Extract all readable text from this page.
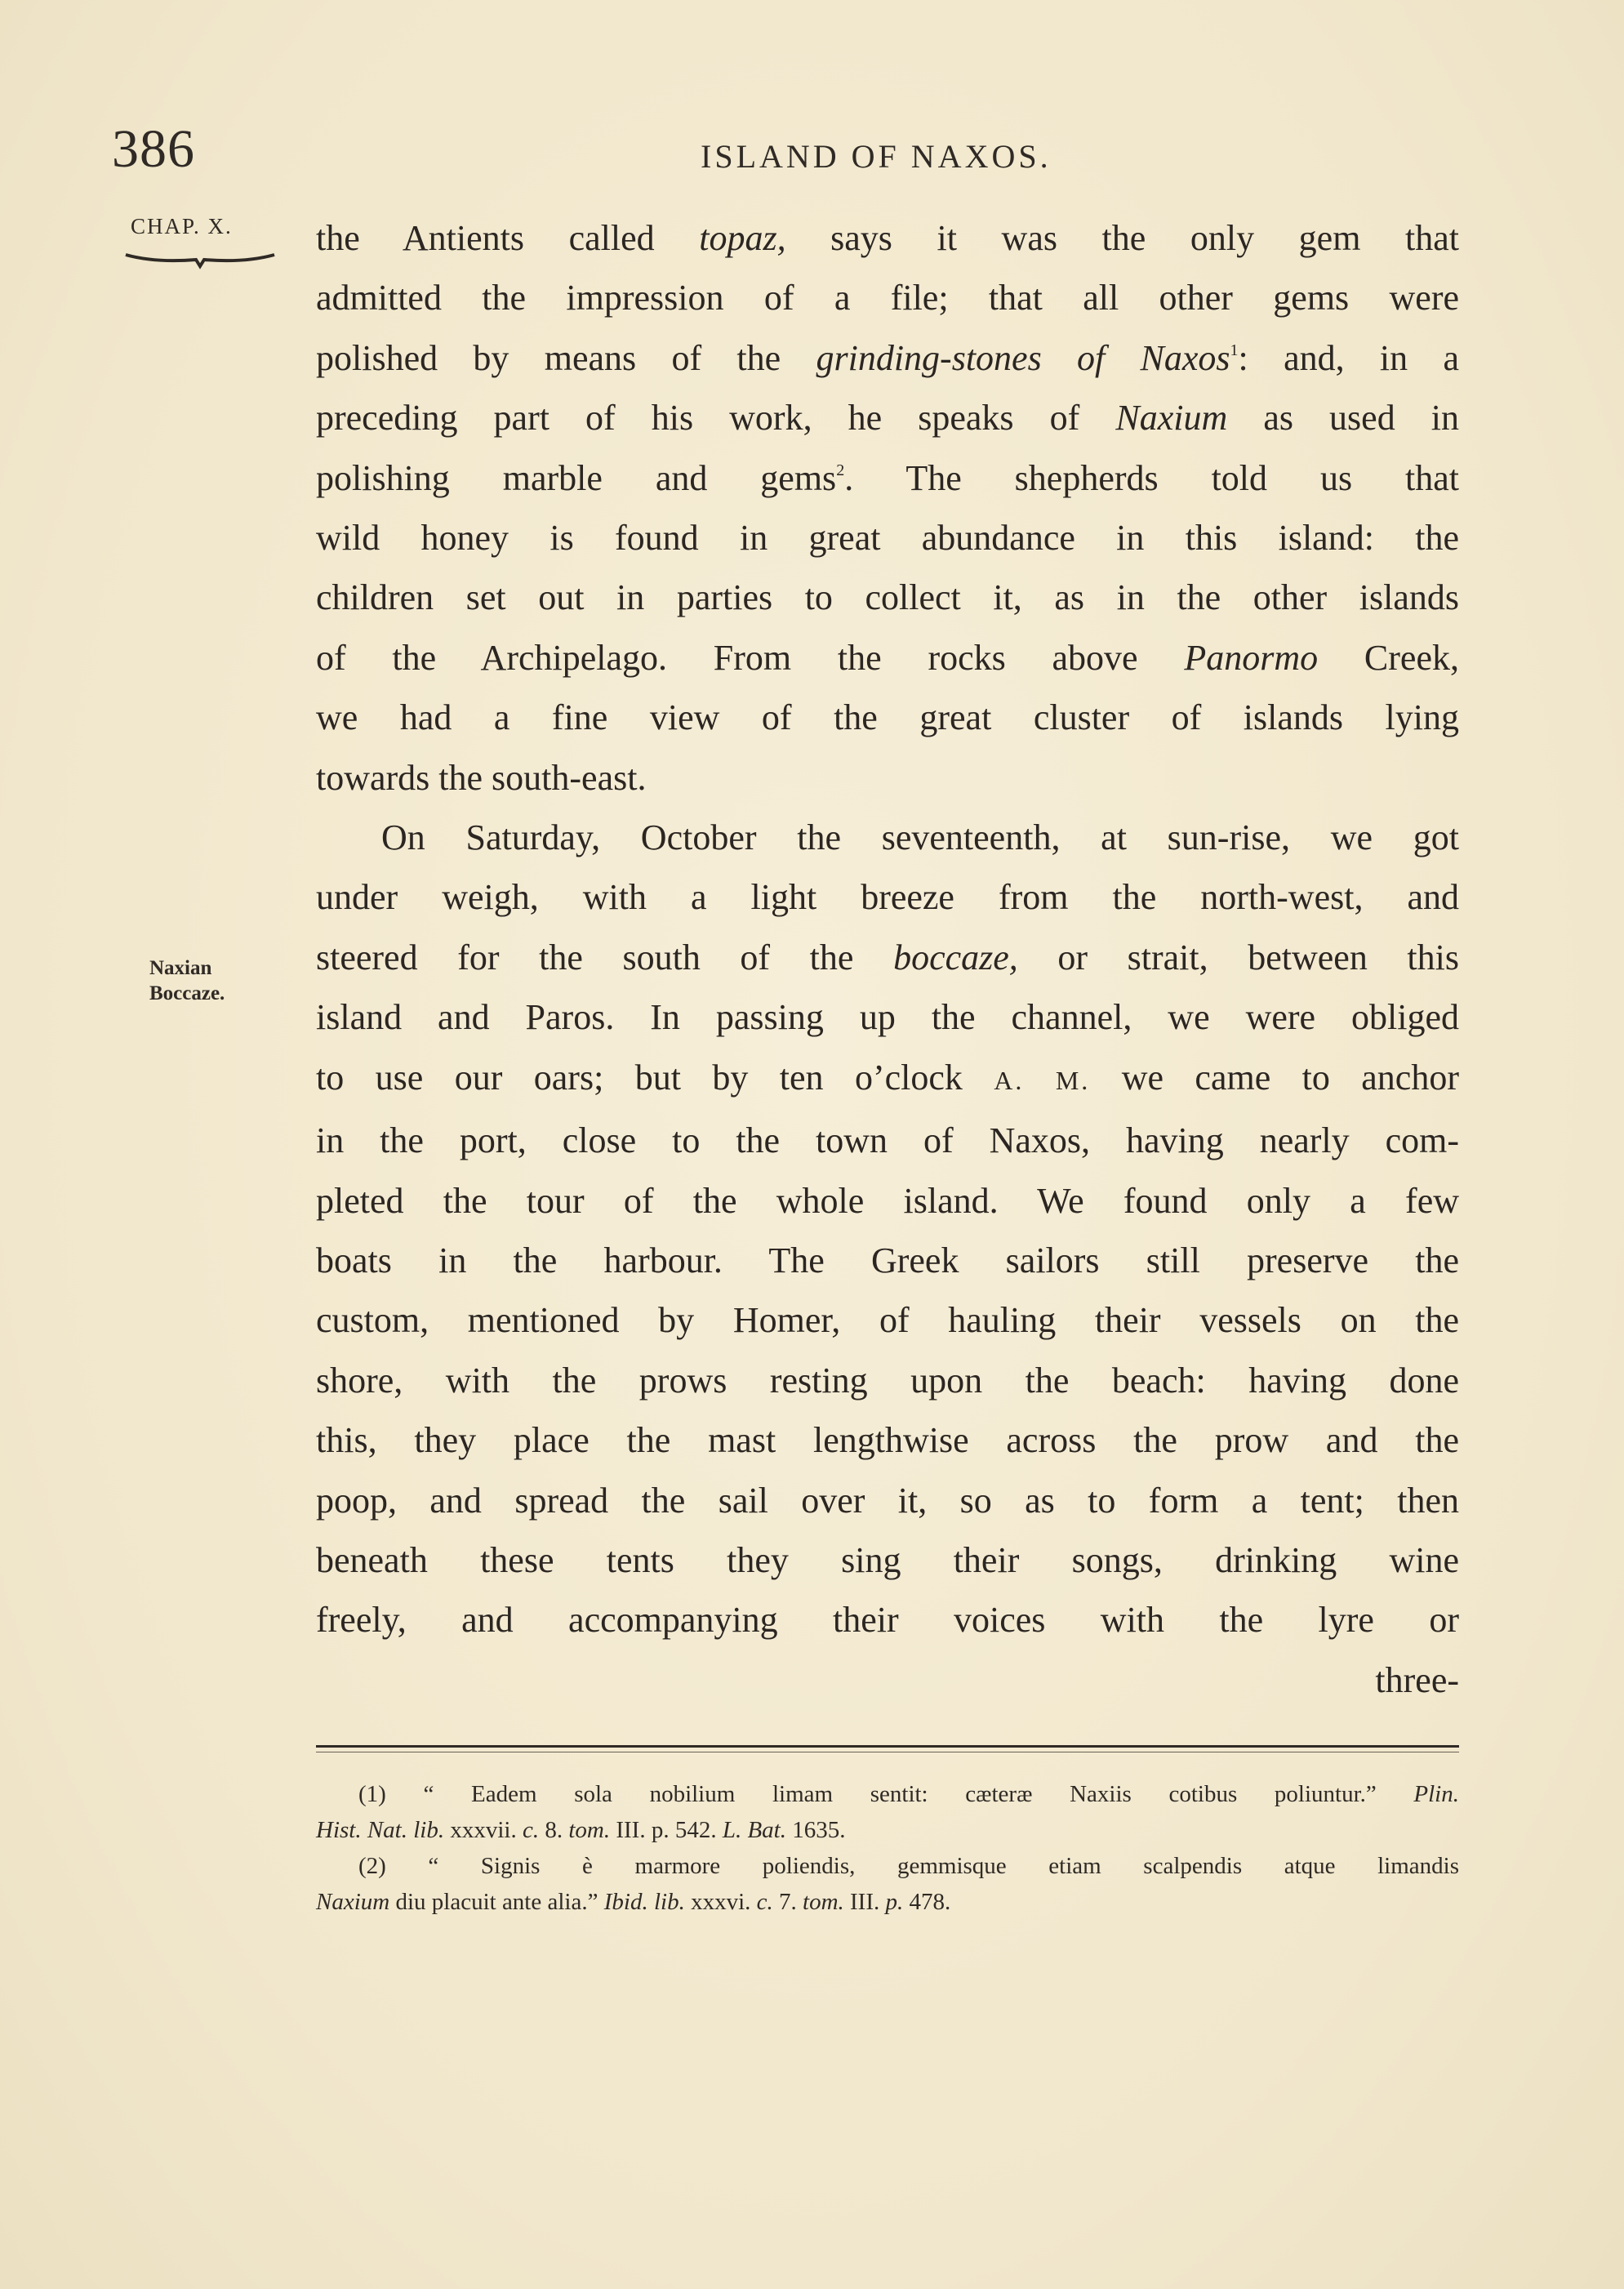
386	ISLAND OF NAXOS.
CHAP. X.
Naxian
Boccaze.
the Antients called topaz, says it was the only gem that
admitted the impression of a file; that all other gems were
polished by means of the grinding-stones of Naxos$^1$: and, in a
preceding part of his work, he speaks of Naxium as used in
polishing marble and gems$^2$. The shepherds told us that
wild honey is found in great abundance in this island: the
children set out in parties to collect it, as in the other islands
of the Archipelago. From the rocks above Panormo Creek,
we had a fine view of the great cluster of islands lying
towards the south-east.
On Saturday, October the seventeenth, at sun-rise, we got
under weigh, with a light breeze from the north-west, and
steered for the south of the boccaze, or strait, between this
island and Paros. In passing up the channel, we were obliged
to use our oars; but by ten o’clock A. M. we came to anchor
in the port, close to the town of Naxos, having nearly com-
pleted the tour of the whole island. We found only a few
boats in the harbour. The Greek sailors still preserve the
custom, mentioned by Homer, of hauling their vessels on the
shore, with the prows resting upon the beach: having done
this, they place the mast lengthwise across the prow and the
poop, and spread the sail over it, so as to form a tent; then
beneath these tents they sing their songs, drinking wine
freely, and accompanying their voices with the lyre or
three-
(1) “ Eadem sola nobilium limam sentit: cæteræ Naxiis cotibus poliuntur.” Plin.
Hist. Nat. lib. xxxvii. c. 8. tom. III. p. 542. L. Bat. 1635.
(2) “ Signis è marmore poliendis, gemmisque etiam scalpendis atque limandis
Naxium diu placuit ante alia.” Ibid. lib. xxxvi. c. 7. tom. III. p. 478.
